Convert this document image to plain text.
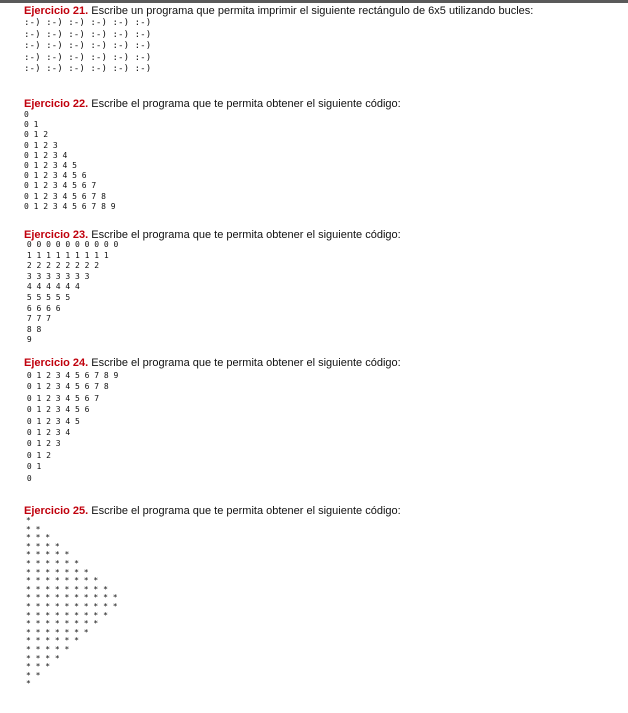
Ejercicio 21. Escribe un programa que permita imprimir el siguiente rectángulo de 6x5 utilizando bucles:
:-) :-) :-) :-) :-) :-)
:-) :-) :-) :-) :-) :-)
:-) :-) :-) :-) :-) :-)
:-) :-) :-) :-) :-) :-)
:-) :-) :-) :-) :-) :-)
Ejercicio 22. Escribe el programa que te permita obtener el siguiente código:
0
0 1
0 1 2
0 1 2 3
0 1 2 3 4
0 1 2 3 4 5
0 1 2 3 4 5 6
0 1 2 3 4 5 6 7
0 1 2 3 4 5 6 7 8
0 1 2 3 4 5 6 7 8 9
Ejercicio 23. Escribe el programa que te permita obtener el siguiente código:
0 0 0 0 0 0 0 0 0 0
1 1 1 1 1 1 1 1 1
2 2 2 2 2 2 2 2
3 3 3 3 3 3 3
4 4 4 4 4 4
5 5 5 5 5
6 6 6 6
7 7 7
8 8
9
Ejercicio 24. Escribe el programa que te permita obtener el siguiente código:
0 1 2 3 4 5 6 7 8 9
0 1 2 3 4 5 6 7 8
0 1 2 3 4 5 6 7
0 1 2 3 4 5 6
0 1 2 3 4 5
0 1 2 3 4
0 1 2 3
0 1 2
0 1
0
Ejercicio 25. Escribe el programa que te permita obtener el siguiente código:
*
* *
* * *
* * * *
* * * * *
* * * * * *
* * * * * * *
* * * * * * * *
* * * * * * * * *
* * * * * * * * * *
* * * * * * * * * *
* * * * * * * * *
* * * * * * * *
* * * * * * *
* * * * * *
* * * * *
* * * *
* * *
* *
*
